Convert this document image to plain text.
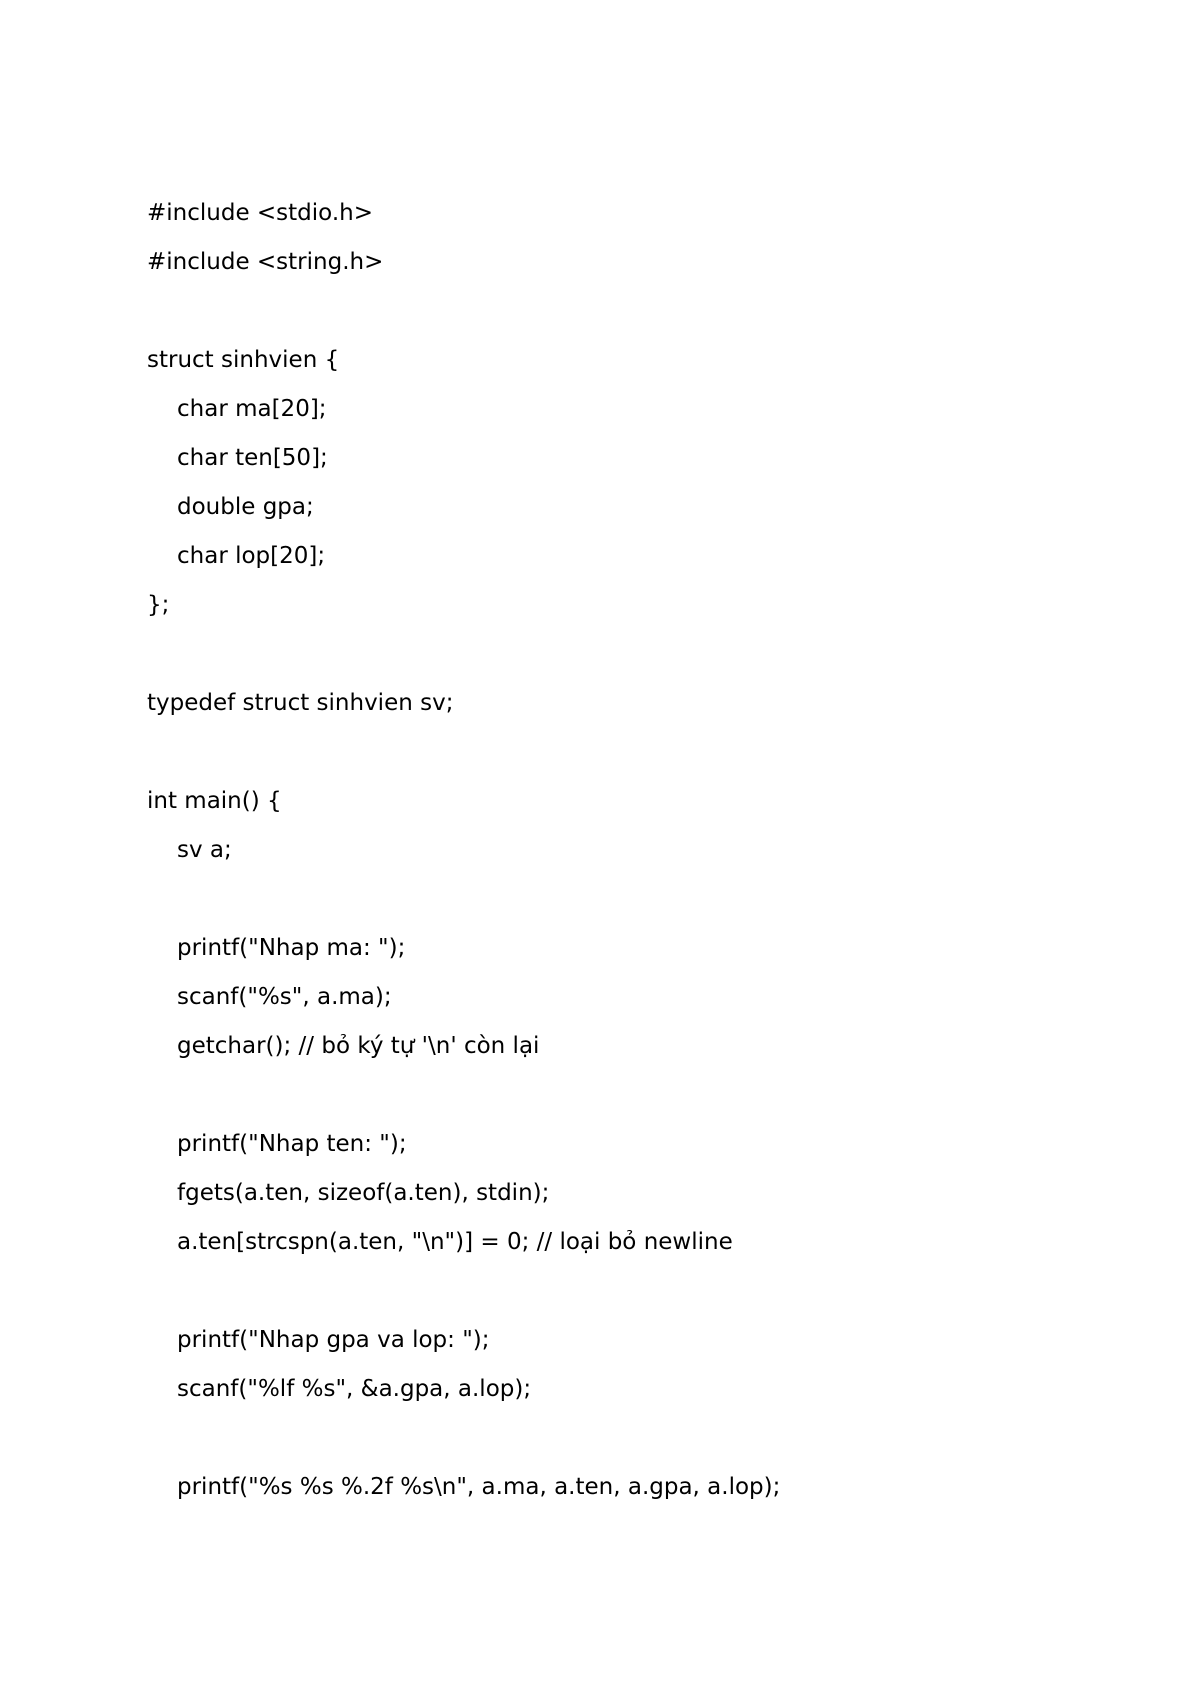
#include <stdio.h>
#include <string.h>
struct sinhvien {
char ma[20];
char ten[50];
double gpa;
char lop[20];
};
typedef struct sinhvien sv;
int main() {
sv a;
printf("Nhap ma: ");
scanf("%s", a.ma);
getchar(); // bỏ ký tự '\n' còn lại
printf("Nhap ten: ");
fgets(a.ten, sizeof(a.ten), stdin);
a.ten[strcspn(a.ten, "\n")] = 0; // loại bỏ newline
printf("Nhap gpa va lop: ");
scanf("%lf %s", &a.gpa, a.lop);
printf("%s %s %.2f %s\n", a.ma, a.ten, a.gpa, a.lop);
